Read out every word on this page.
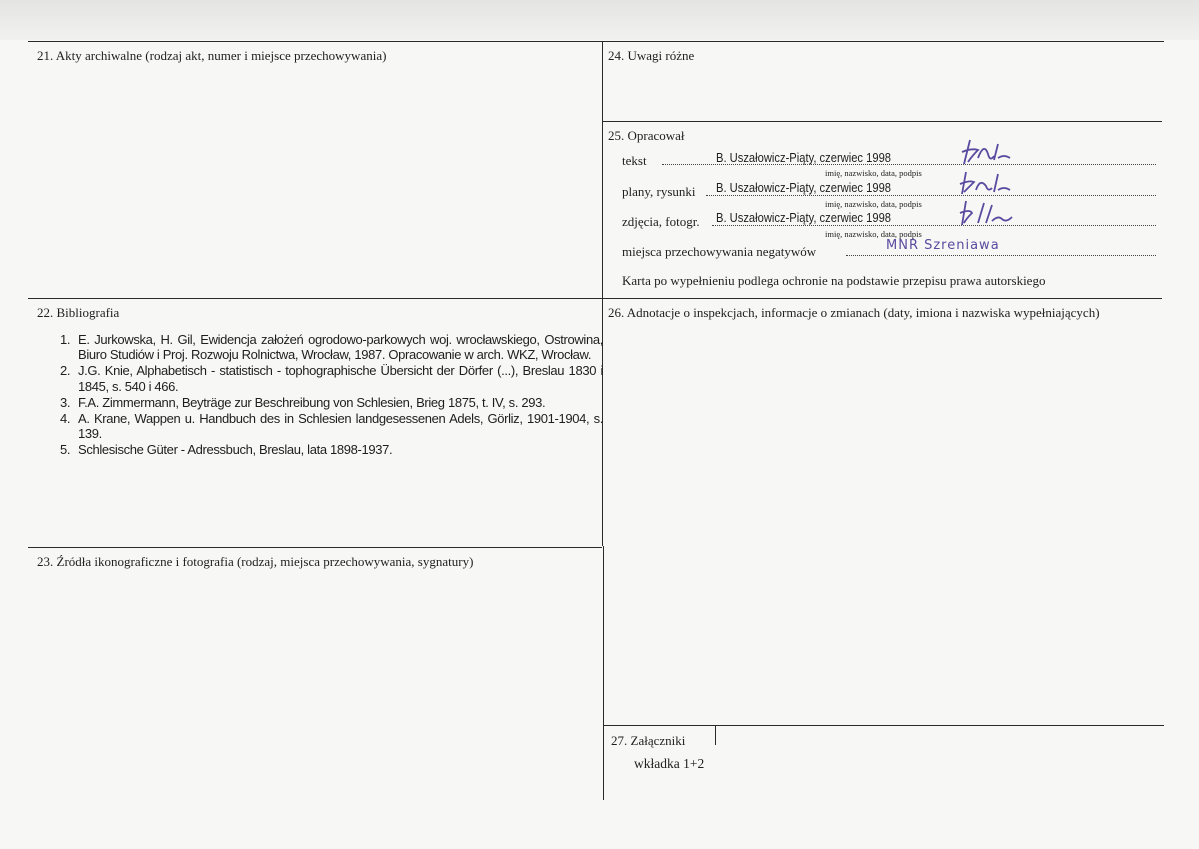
21. Akty archiwalne (rodzaj akt, numer i miejsce przechowywania)	24. Uwagi różne
25. Opracował
22. Bibliografia	26. Adnotacje o inspekcjach, informacje o zmianach (daty, imiona i nazwiska wypełniających)
23. Źródła ikonograficzne i fotografia (rodzaj, miejsca przechowywania, sygnatury)
27. Załączniki
tekst	B. Uszałowicz-Piąty, czerwiec 1998
imię, nazwisko, data, podpis
plany, rysunki B. Uszałowicz-Piąty, czerwiec 1998
imię, nazwisko, data, podpis
zdjęcia, fotogr. B. Uszałowicz-Piąty, czerwiec 1998
imię, nazwisko, data, podpis
miejsca przechowywania negatywów	MNR Szreniawa
Karta po wypełnieniu podlega ochronie na podstawie przepisu prawa autorskiego
1. E. Jurkowska, H. Gil, Ewidencja założeń ogrodowo-parkowych woj. wrocławskiego, Ostrowina, Biuro Studiów i Proj. Rozwoju Rolnictwa, Wrocław, 1987. Opracowanie w arch. WKZ, Wrocław.
2. J.G. Knie, Alphabetisch - statistisch - tophographische Übersicht der Dörfer (...), Breslau 1830 i 1845, s. 540 i 466.
3. F.A. Zimmermann, Beyträge zur Beschreibung von Schlesien, Brieg 1875, t. IV, s. 293.
4. A. Krane, Wappen u. Handbuch des in Schlesien landgesessenen Adels, Görliz, 1901-1904, s. 139.
5. Schlesische Güter - Adressbuch, Breslau, lata 1898-1937.
wkładka 1+2
